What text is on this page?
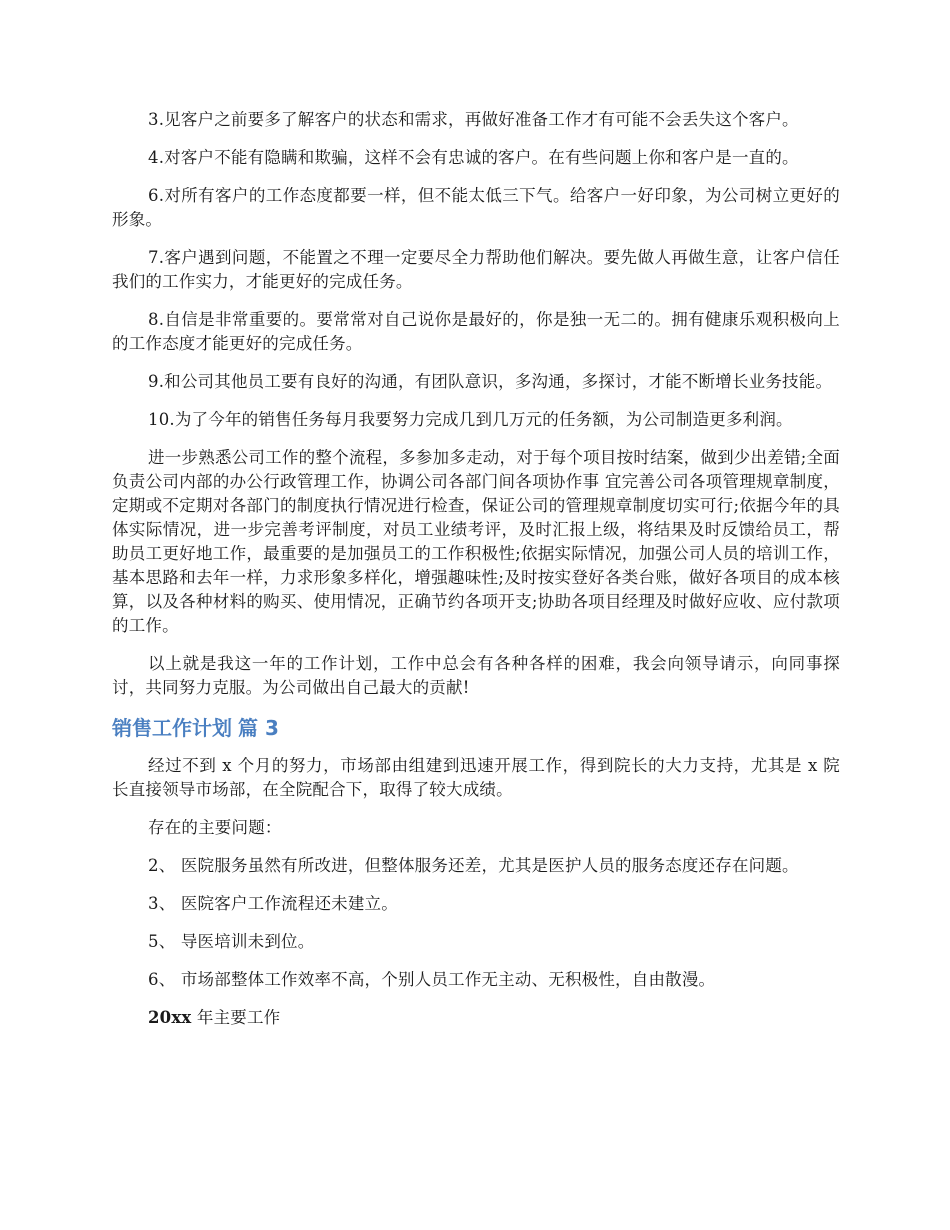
3.见客户之前要多了解客户的状态和需求，再做好准备工作才有可能不会丢失这个客户。

4.对客户不能有隐瞒和欺骗，这样不会有忠诚的客户。在有些问题上你和客户是一直的。

6.对所有客户的工作态度都要一样，但不能太低三下气。给客户一好印象，为公司树立更好的形象。

7.客户遇到问题，不能置之不理一定要尽全力帮助他们解决。要先做人再做生意，让客户信任我们的工作实力，才能更好的完成任务。

8.自信是非常重要的。要常常对自己说你是最好的，你是独一无二的。拥有健康乐观积极向上的工作态度才能更好的完成任务。

9.和公司其他员工要有良好的沟通，有团队意识，多沟通，多探讨，才能不断增长业务技能。

10.为了今年的销售任务每月我要努力完成几到几万元的任务额，为公司制造更多利润。

进一步熟悉公司工作的整个流程，多参加多走动，对于每个项目按时结案，做到少出差错;全面负责公司内部的办公行政管理工作，协调公司各部门间各项协作事 宜完善公司各项管理规章制度，定期或不定期对各部门的制度执行情况进行检查，保证公司的管理规章制度切实可行;依据今年的具体实际情况，进一步完善考评制度，对员工业绩考评，及时汇报上级，将结果及时反馈给员工，帮助员工更好地工作，最重要的是加强员工的工作积极性;依据实际情况，加强公司人员的培训工作，基本思路和去年一样，力求形象多样化，增强趣味性;及时按实登好各类台账，做好各项目的成本核算，以及各种材料的购买、使用情况，正确节约各项开支;协助各项目经理及时做好应收、应付款项的工作。

以上就是我这一年的工作计划，工作中总会有各种各样的困难，我会向领导请示，向同事探讨，共同努力克服。为公司做出自己最大的贡献!

销售工作计划 篇 3

经过不到 x 个月的努力，市场部由组建到迅速开展工作，得到院长的大力支持，尤其是 x 院长直接领导市场部，在全院配合下，取得了较大成绩。

存在的主要问题：

2、 医院服务虽然有所改进，但整体服务还差，尤其是医护人员的服务态度还存在问题。

3、 医院客户工作流程还未建立。

5、 导医培训未到位。

6、 市场部整体工作效率不高，个别人员工作无主动、无积极性，自由散漫。

20xx 年主要工作
